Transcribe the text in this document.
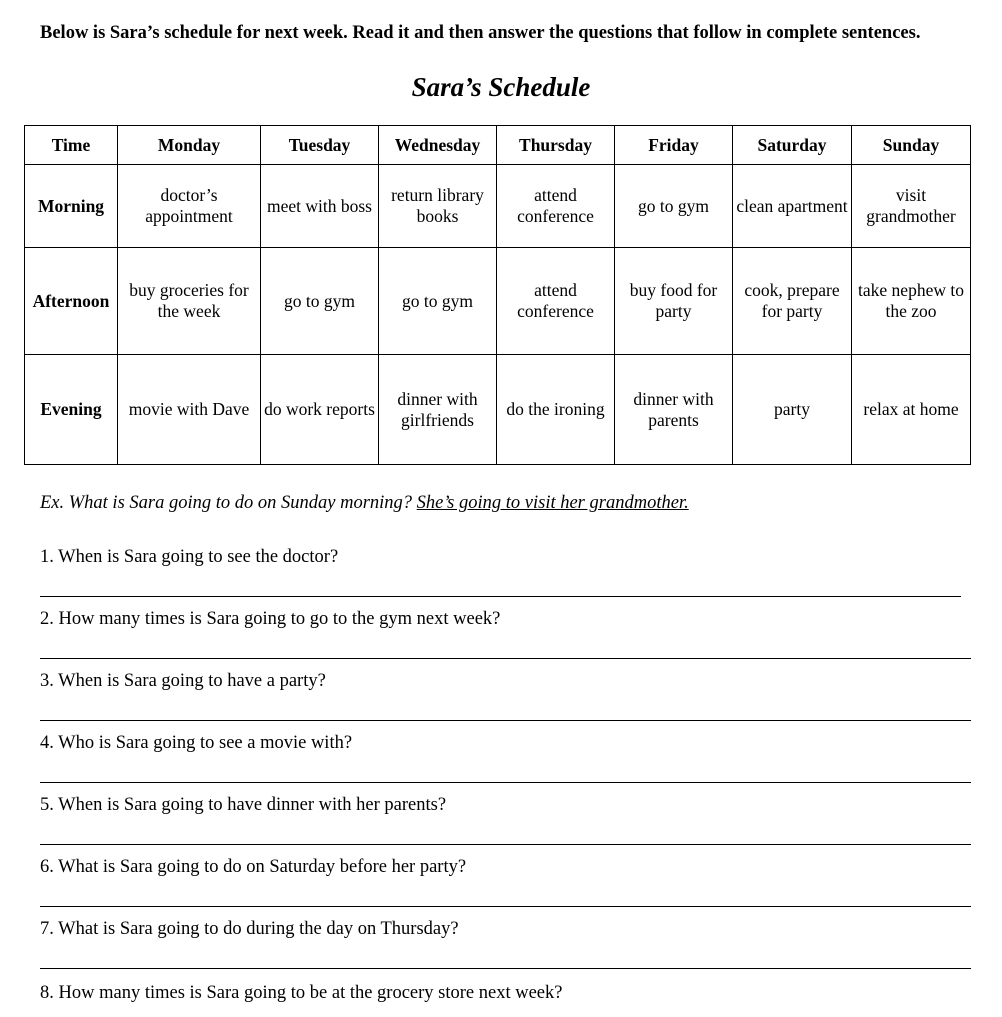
Below is Sara’s schedule for next week. Read it and then answer the questions that follow in complete sentences.
Sara’s Schedule
Time	Monday	Tuesday	Wednesday	Thursday	Friday	Saturday	Sunday
Morning	doctor’s appointment	meet with boss	return library books	attend conference	go to gym	clean apartment	visit grandmother
Afternoon	buy groceries for the week	go to gym	go to gym	attend conference	buy food for party	cook, prepare for party	take nephew to the zoo
Evening	movie with Dave	do work reports	dinner with girlfriends	do the ironing	dinner with parents	party	relax at home
Ex. What is Sara going to do on Sunday morning? She’s going to visit her grandmother.
1. When is Sara going to see the doctor?
2. How many times is Sara going to go to the gym next week?
3. When is Sara going to have a party?
4. Who is Sara going to see a movie with?
5. When is Sara going to have dinner with her parents?
6. What is Sara going to do on Saturday before her party?
7. What is Sara going to do during the day on Thursday?
8. How many times is Sara going to be at the grocery store next week?
